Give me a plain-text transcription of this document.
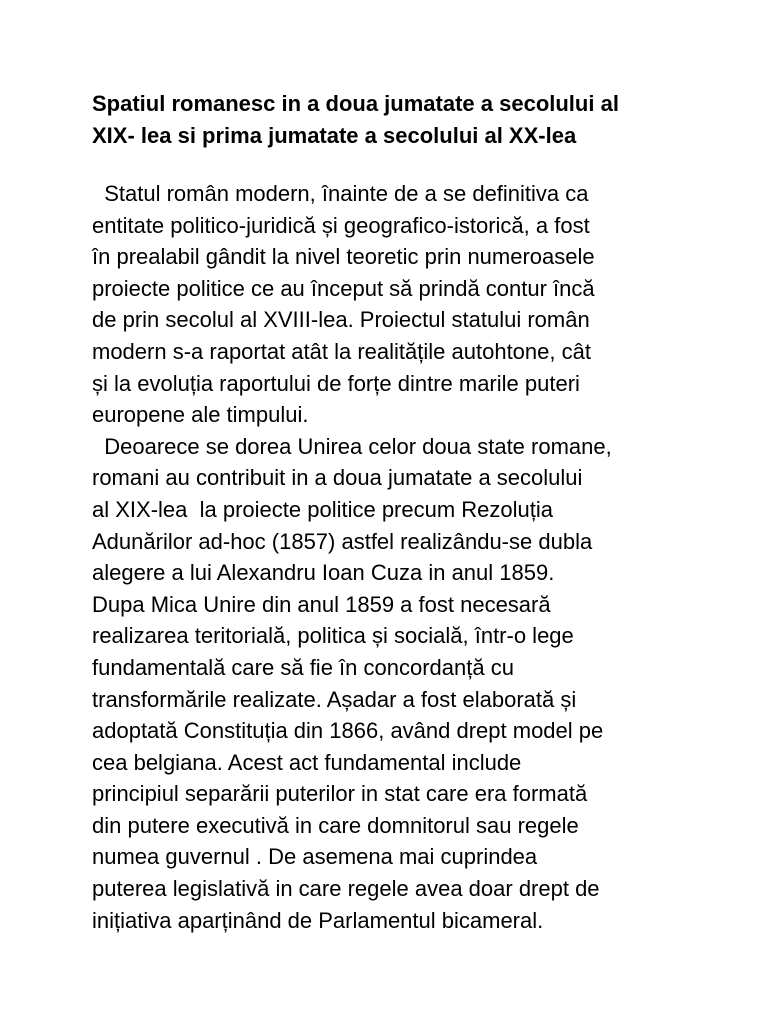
Spatiul romanesc in a doua jumatate a secolului al
XIX- lea si prima jumatate a secolului al XX-lea
Statul român modern, înainte de a se definitiva ca
entitate politico-juridică și geografico-istorică, a fost
în prealabil gândit la nivel teoretic prin numeroasele
proiecte politice ce au început să prindă contur încă
de prin secolul al XVIII-lea. Proiectul statului român
modern s-a raportat atât la realitățile autohtone, cât
și la evoluția raportului de forțe dintre marile puteri
europene ale timpului.
Deoarece se dorea Unirea celor doua state romane,
romani au contribuit in a doua jumatate a secolului
al XIX-lea  la proiecte politice precum Rezoluția
Adunărilor ad-hoc (1857) astfel realizându-se dubla
alegere a lui Alexandru Ioan Cuza in anul 1859.
Dupa Mica Unire din anul 1859 a fost necesară
realizarea teritorială, politica și socială, într-o lege
fundamentală care să fie în concordanță cu
transformările realizate. Așadar a fost elaborată și
adoptată Constituția din 1866, având drept model pe
cea belgiana. Acest act fundamental include
principiul separării puterilor in stat care era formată
din putere executivă in care domnitorul sau regele
numea guvernul . De asemena mai cuprindea
puterea legislativă in care regele avea doar drept de
inițiativa aparținând de Parlamentul bicameral.
